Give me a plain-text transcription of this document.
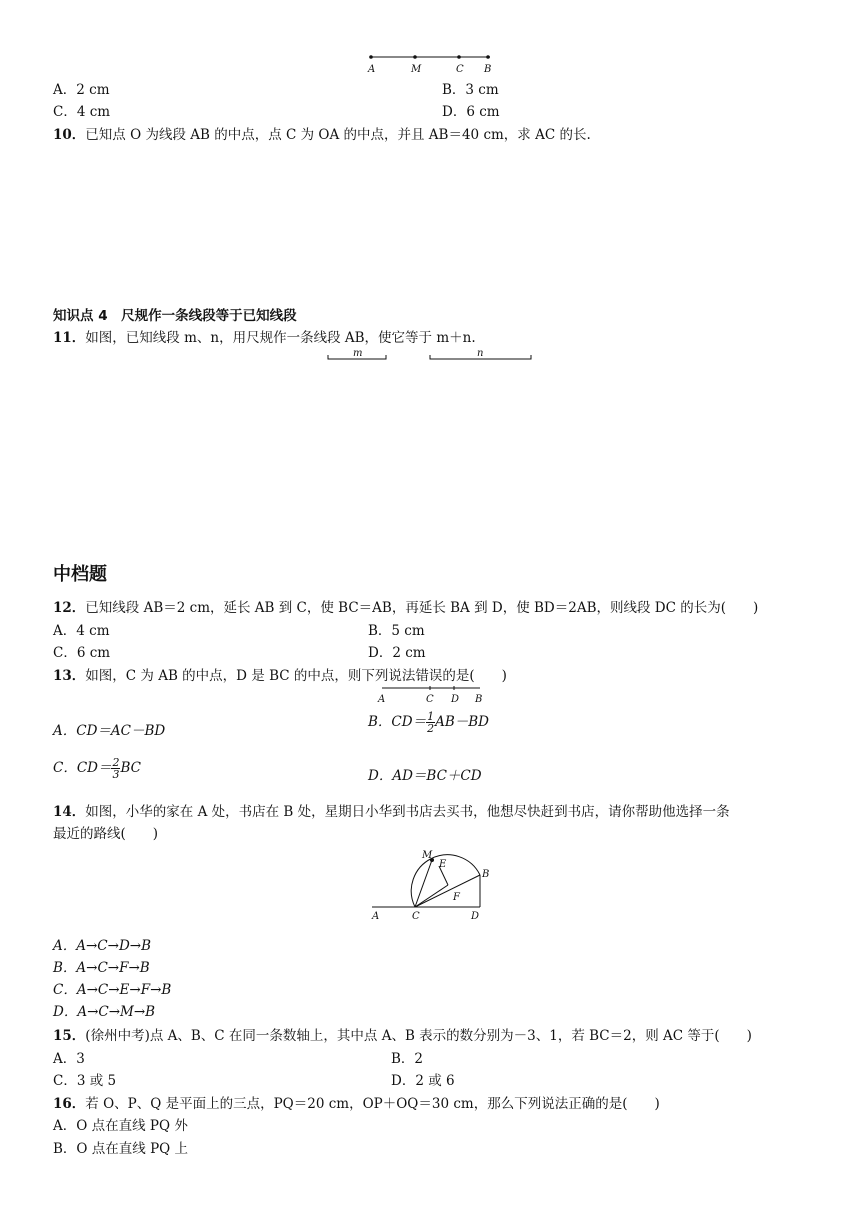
A	M	C B
A．2 cm	B．3 cm
C．4 cm	D．6 cm
10．已知点 O 为线段 AB 的中点，点 C 为 OA 的中点，并且 AB＝40 cm，求 AC 的长.
知识点 4　尺规作一条线段等于已知线段
11．如图，已知线段 m、n，用尺规作一条线段 AB，使它等于 m＋n.
m	n
中档题
12．已知线段 AB＝2 cm，延长 AB 到 C，使 BC＝AB，再延长 BA 到 D，使 BD＝2AB，则线段 DC 的长为(　　)
A．4 cm	B．5 cm
C．6 cm	D．2 cm
13．如图，C 为 AB 的中点，D 是 BC 的中点，则下列说法错误的是(　　)
A	C D B
A．CD＝AC－BD
B．$CD= \frac{1}{2} AB-BD$
C．$CD= \frac{2}{3}$ BC	D．AD＝BC＋CD
14．如图，小华的家在 A 处，书店在 B 处，星期日小华到书店去买书，他想尽快赶到书店，请你帮助他选择一条
最近的路线(　　)
M
E
B
F
A	C	D
A．A→C→D→B
B．A→C→F→B
C．A→C→E→F→B
D．A→C→M→B
15．(徐州中考)点 A、B、C 在同一条数轴上，其中点 A、B 表示的数分别为－3、1，若 BC＝2，则 AC 等于(　　)
A．3	B．2
C．3 或 5	D．2 或 6
16．若 O、P、Q 是平面上的三点，PQ＝20 cm，OP＋OQ＝30 cm，那么下列说法正确的是(　　)
A．O 点在直线 PQ 外
B．O 点在直线 PQ 上
